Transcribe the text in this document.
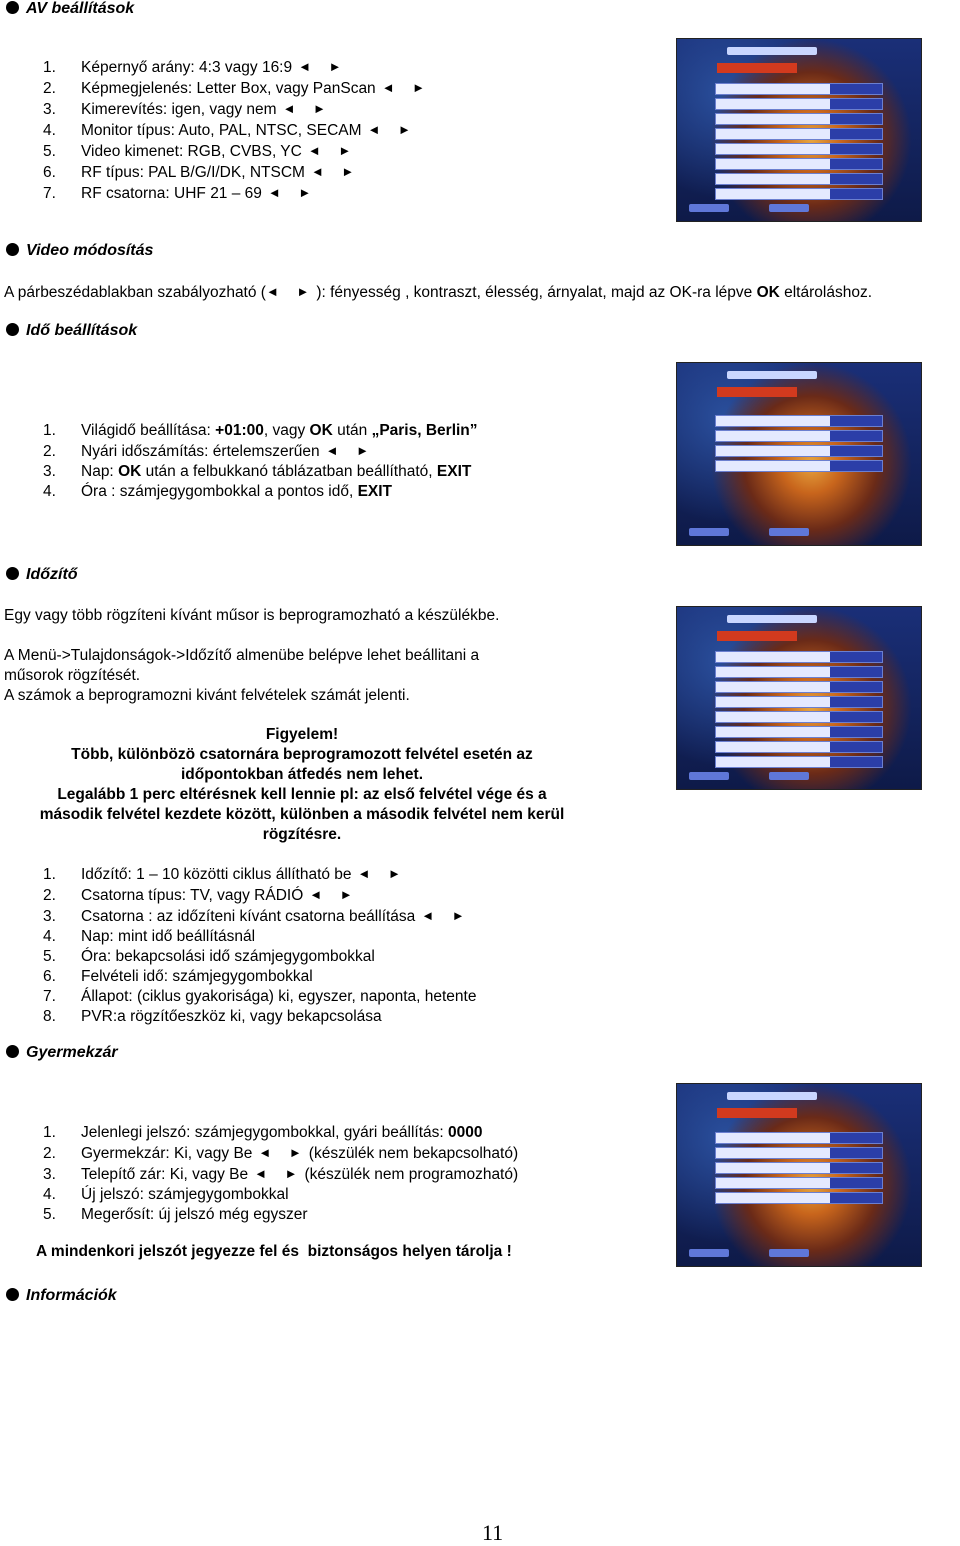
AV beállítások
1. Képernyő arány: 4:3 vagy 16:9 ◄ ►
2. Képmegjelenés: Letter Box, vagy PanScan ◄ ►
3. Kimerevítés: igen, vagy nem ◄ ►
4. Monitor típus: Auto, PAL, NTSC, SECAM ◄ ►
5. Video kimenet: RGB, CVBS, YC ◄ ►
6. RF típus: PAL B/G/I/DK, NTSCM ◄ ►
7. RF csatorna: UHF 21 – 69 ◄ ►
Video módosítás
A párbeszédablakban szabályozható (◄ ►): fényesség , kontraszt, élesség, árnyalat, majd az OK-ra lépve OK eltároláshoz.
Idő beállítások
1. Világidő beállítása: +01:00, vagy OK után „Paris, Berlin”
2. Nyári időszámítás: értelemszerűen ◄ ►
3. Nap: OK után a felbukkanó táblázatban beállítható, EXIT
4. Óra : számjegygombokkal a pontos idő, EXIT
Időzítő
Egy vagy több rögzíteni kívánt műsor is beprogramozható a készülékbe.
A Menü->Tulajdonságok->Időzítő almenübe belépve lehet beállitani a
műsorok rögzítését.
A számok a beprogramozni kivánt felvételek számát jelenti.
Figyelem!
Több, különbözö csatornára beprogramozott felvétel esetén az
időpontokban átfedés nem lehet.
Legalább 1 perc eltérésnek kell lennie pl: az első felvétel vége és a
második felvétel kezdete között, különben a második felvétel nem kerül
rögzítésre.
1. Időzítő: 1 – 10 közötti ciklus állítható be ◄ ►
2. Csatorna típus: TV, vagy RÁDIÓ ◄ ►
3. Csatorna : az időzíteni kívánt csatorna beállítása ◄ ►
4. Nap: mint idő beállításnál
5. Óra: bekapcsolási idő számjegygombokkal
6. Felvételi idő: számjegygombokkal
7. Állapot: (ciklus gyakorisága) ki, egyszer, naponta, hetente
8. PVR:a rögzítőeszköz ki, vagy bekapcsolása
Gyermekzár
1. Jelenlegi jelszó: számjegygombokkal, gyári beállítás: 0000
2. Gyermekzár: Ki, vagy Be ◄ ►(készülék nem bekapcsolható)
3. Telepítő zár: Ki, vagy Be ◄ ►(készülék nem programozható)
4. Új jelszó: számjegygombokkal
5. Megerősít: új jelszó még egyszer
A mindenkori jelszót jegyezze fel és  biztonságos helyen tárolja !
Információk
11
